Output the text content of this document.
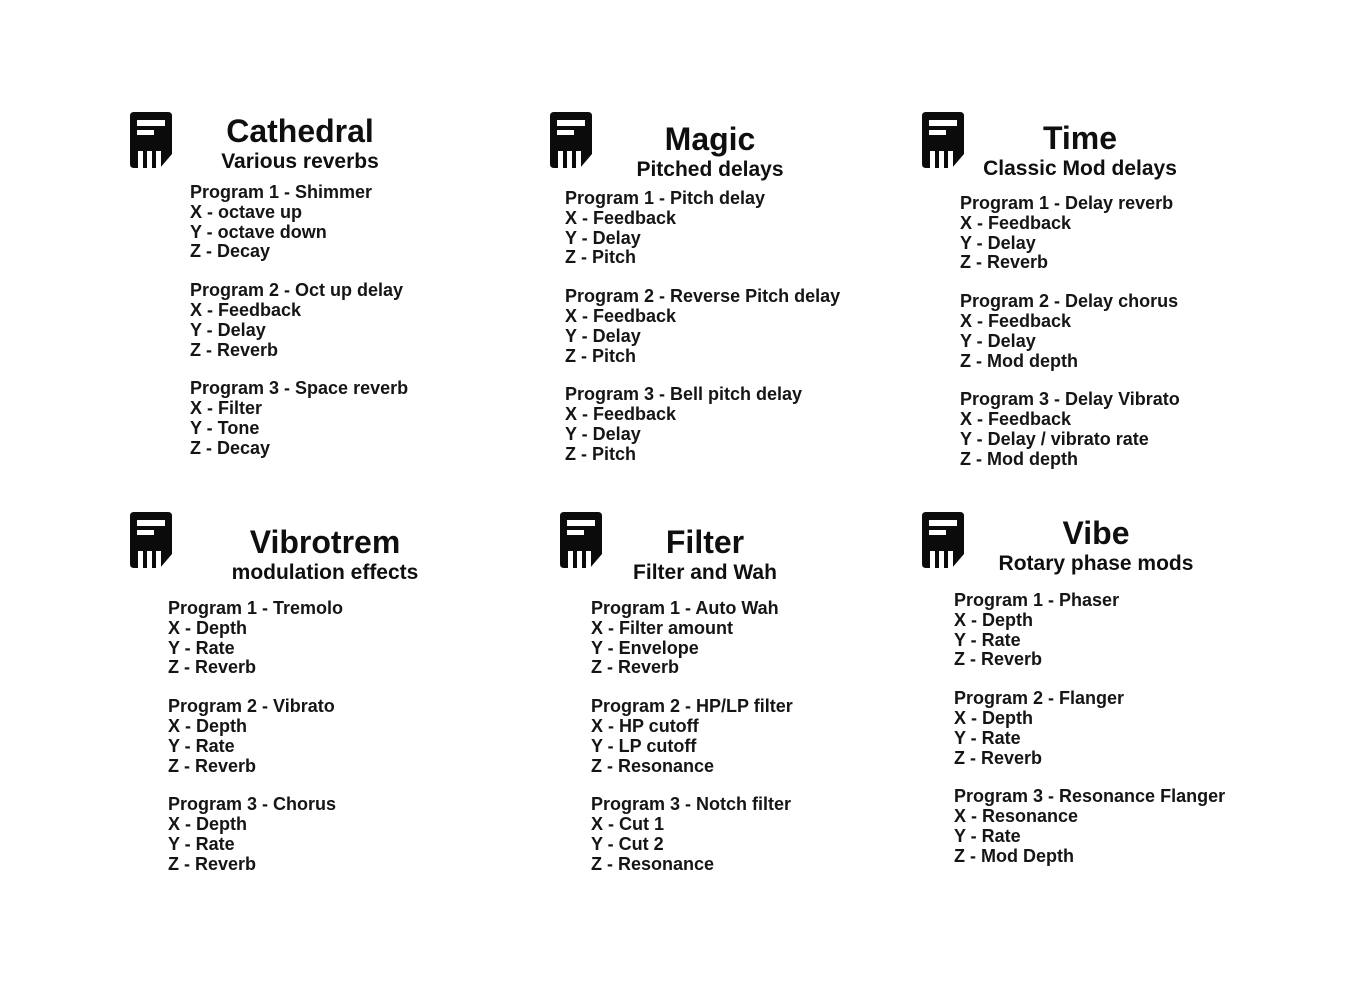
Cathedral
Various reverbs
Program 1 - Shimmer
X - octave up
Y - octave down
Z - Decay
Program 2 - Oct up delay
X - Feedback
Y - Delay
Z - Reverb
Program 3 - Space reverb
X - Filter
Y - Tone
Z - Decay
Magic
Pitched delays
Program 1 - Pitch delay
X - Feedback
Y - Delay
Z - Pitch
Program 2 - Reverse Pitch delay
X - Feedback
Y - Delay
Z - Pitch
Program 3 - Bell pitch delay
X - Feedback
Y - Delay
Z - Pitch
Time
Classic Mod delays
Program 1 - Delay reverb
X - Feedback
Y - Delay
Z - Reverb
Program 2 - Delay chorus
X - Feedback
Y - Delay
Z - Mod depth
Program 3 - Delay Vibrato
X - Feedback
Y - Delay / vibrato rate
Z - Mod depth
Vibrotrem
modulation effects
Program 1 - Tremolo
X - Depth
Y - Rate
Z - Reverb
Program 2 - Vibrato
X - Depth
Y - Rate
Z - Reverb
Program 3 - Chorus
X - Depth
Y - Rate
Z - Reverb
Filter
Filter and Wah
Program 1 - Auto Wah
X - Filter amount
Y - Envelope
Z - Reverb
Program 2 - HP/LP filter
X - HP cutoff
Y - LP cutoff
Z - Resonance
Program 3 - Notch filter
X - Cut 1
Y - Cut 2
Z - Resonance
Vibe
Rotary phase mods
Program 1 - Phaser
X - Depth
Y - Rate
Z - Reverb
Program 2 - Flanger
X - Depth
Y - Rate
Z - Reverb
Program 3 - Resonance Flanger
X - Resonance
Y - Rate
Z - Mod Depth
